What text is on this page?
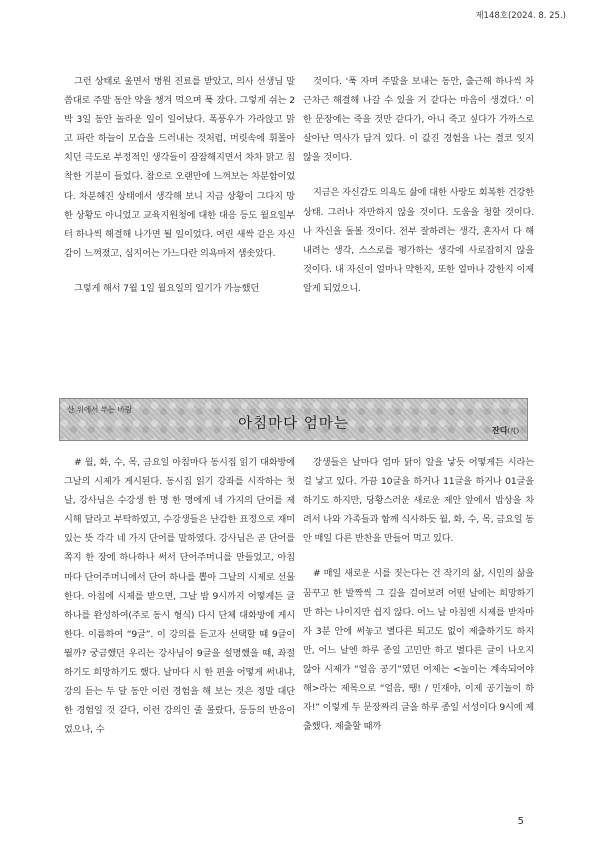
제148호(2024. 8. 25.)

그런 상태로 울면서 병원 진료를 받았고, 의사 선생님 말씀대로 주말 동안 약을 챙겨 먹으며 푹 잤다. 그렇게 쉬는 2박 3일 동안 놀라운 일이 일어났다. 폭풍우가 가라앉고 맑고 파란 하늘이 모습을 드러내는 것처럼, 머릿속에 휘몰아치던 극도로 부정적인 생각들이 잠잠해지면서 차차 맑고 침착한 기분이 들었다. 참으로 오랜만에 느껴보는 차분함이었다. 차분해진 상태에서 생각해 보니 지금 상황이 그다지 망한 상황도 아니었고 교육지원청에 대한 대응 등도 월요일부터 하나씩 해결해 나가면 될 일이었다. 여린 새싹 같은 자신감이 느껴졌고, 심지어는 가느다란 의욕마저 샘솟았다.

그렇게 해서 7월 1일 월요일의 일기가 가능했던

것이다. '푹 자며 주말을 보내는 동안, 출근해 하나씩 차근차근 해결해 나갈 수 있을 거 같다는 마음이 생겼다.' 이 한 문장에는 죽을 것만 같다가, 아니 죽고 싶다가 가까스로 살아난 역사가 담겨 있다. 이 값진 경험을 나는 결코 잊지 않을 것이다.

지금은 자신감도 의욕도 삶에 대한 사랑도 회복한 건강한 상태. 그러나 자만하지 않을 것이다. 도움을 청할 것이다. 나 자신을 돌볼 것이다. 전부 잘하려는 생각, 혼자서 다 해내려는 생각, 스스로를 평가하는 생각에 사로잡히지 않을 것이다. 내 자신이 얼마나 약한지, 또한 얼마나 강한지 이제 알게 되었으니.

산 위에서 부는 바람
아침마다 엄마는	잔디(芃)

# 월, 화, 수, 목, 금요일 아침마다 동시집 읽기 대화방에 그날의 시제가 게시된다. 동시집 읽기 강좌를 시작하는 첫 날, 강사님은 수강생 한 명 한 명에게 네 가지의 단어를 제시해 달라고 부탁하였고, 수강생들은 난감한 표정으로 재미있는 뜻 각각 네 가지 단어를 말하였다. 강사님은 곧 단어를 쪽지 한 장에 하나하나 써서 단어주머니를 만들었고, 아침마다 단어주머니에서 단어 하나를 뽑아 그날의 시제로 선물한다. 아침에 시제를 받으면, 그날 밤 9시까지 어떻게든 글 하나를 완성하여(주로 동시 형식) 다시 단체 대화방에 게시한다. 이름하여 “9글”. 이 강의를 듣고자 선택할 때 9글이 뭘까? 궁금했던 우리는 강사님이 9글을 설명했을 때, 좌절하기도 희망하기도 했다. 날마다 시 한 편을 어떻게 써내냐, 강의 듣는 두 달 동안 이런 경험을 해 보는 것은 정말 대단한 경험일 것 같다, 이런 강의인 줄 몰랐다, 등등의 반응이었으나, 수

강생들은 날마다 엄마 닭이 알을 낳듯 어떻게든 시라는 걸 낳고 있다. 가끔 10글을 하거나 11글을 하거나 01글을 하기도 하지만, 당황스러운 새로운 제안 앞에서 밥상을 차려서 나와 가족들과 함께 식사하듯 월, 화, 수, 목, 금요일 동안 매일 다른 반찬을 만들어 먹고 있다.

# 매일 새로운 시를 짓는다는 건 작기의 삶, 시인의 삶을 꿈꾸고 한 발짝씩 그 길을 걸어보려 어떤 날에는 희망하기만 하는 나이지만 쉽지 않다. 어느 날 아침엔 시제를 받자마자 3분 안에 써놓고 별다른 퇴고도 없이 제출하기도 하지만, 어느 날엔 하루 종일 고민만 하고 별다른 글이 나오지 않아 시제가 “얼음 공기”였던 어제는 <놀이는 계속되어야 해>라는 제목으로 “얼음, 땡! / 민재야, 이제 공기놀이 하자!” 이렇게 두 문장짜리 글을 하루 종일 서성이다 9시에 제출했다. 제출할 때까

5
